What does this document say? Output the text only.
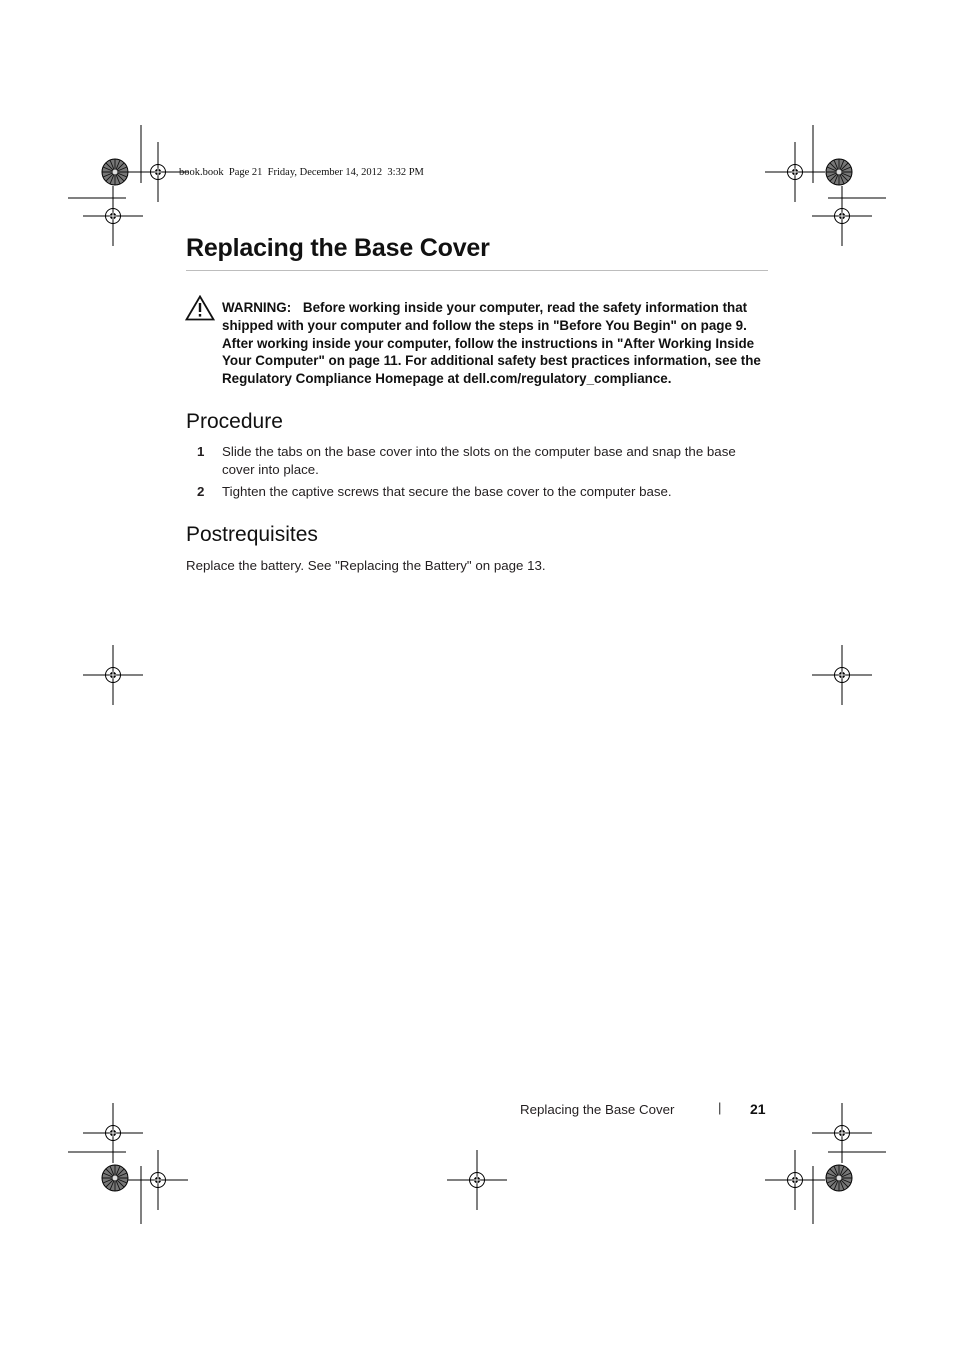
book.book  Page 21  Friday, December 14, 2012  3:32 PM
Replacing the Base Cover
WARNING: Before working inside your computer, read the safety information that shipped with your computer and follow the steps in "Before You Begin" on page 9. After working inside your computer, follow the instructions in "After Working Inside Your Computer" on page 11. For additional safety best practices information, see the Regulatory Compliance Homepage at dell.com/regulatory_compliance.
Procedure
1 Slide the tabs on the base cover into the slots on the computer base and snap the base cover into place.
2 Tighten the captive screws that secure the base cover to the computer base.
Postrequisites
Replace the battery. See "Replacing the Battery" on page 13.
Replacing the Base Cover	| 21
